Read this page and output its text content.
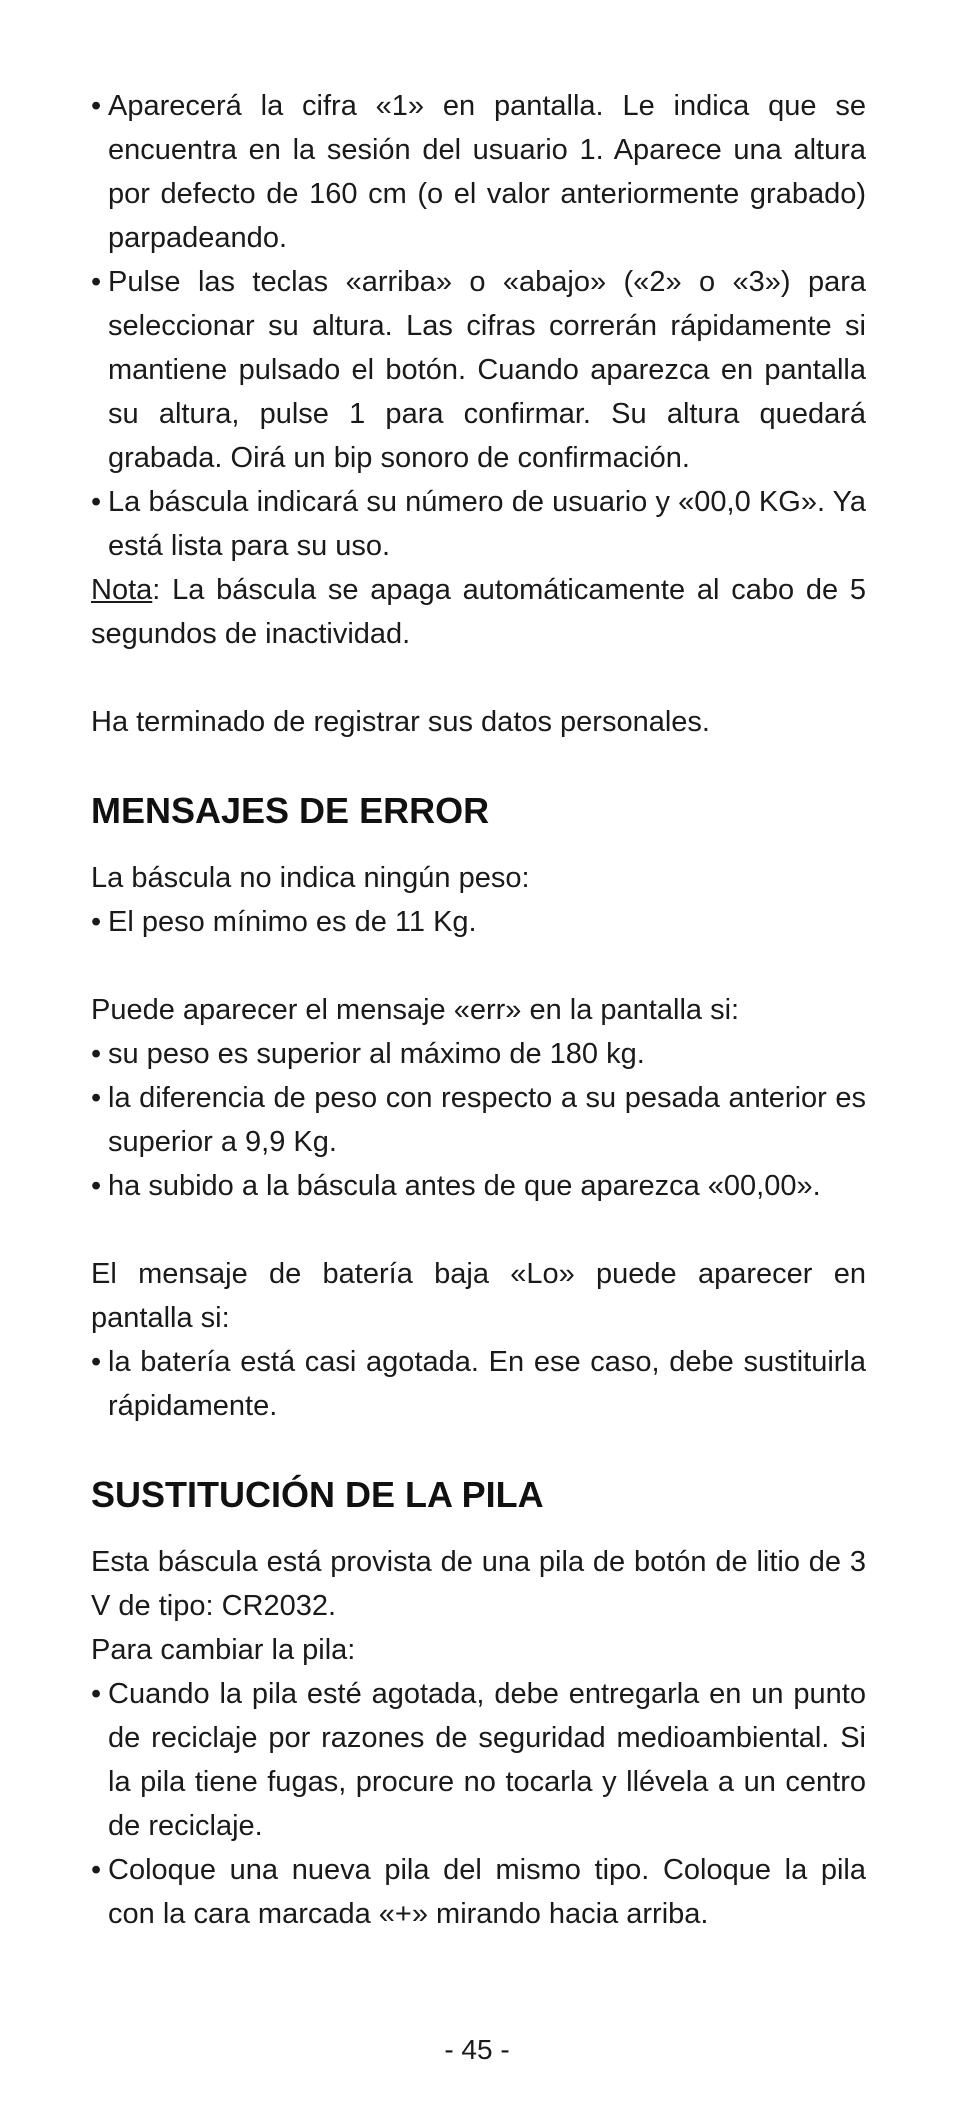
• Aparecerá la cifra «1» en pantalla. Le indica que se encuentra en la sesión del usuario 1. Aparece una altura por defecto de 160 cm (o el valor anteriormente grabado) parpadeando.
• Pulse las teclas «arriba» o «abajo» («2» o «3») para seleccionar su altura. Las cifras correrán rápidamente si mantiene pulsado el botón. Cuando aparezca en pantalla su altura, pulse 1 para confirmar. Su altura quedará grabada. Oirá un bip sonoro de confirmación.
• La báscula indicará su número de usuario y «00,0 KG». Ya está lista para su uso.

Nota: La báscula se apaga automáticamente al cabo de 5 segundos de inactividad.

Ha terminado de registrar sus datos personales.

MENSAJES DE ERROR

La báscula no indica ningún peso:

• El peso mínimo es de 11 Kg.

Puede aparecer el mensaje «err» en la pantalla si:

• su peso es superior al máximo de 180 kg.
• la diferencia de peso con respecto a su pesada anterior es superior a 9,9 Kg.
• ha subido a la báscula antes de que aparezca «00,00».

El mensaje de batería baja «Lo» puede aparecer en pantalla si:

• la batería está casi agotada. En ese caso, debe sustituirla rápidamente.
SUSTITUCIÓN DE LA PILA

Esta báscula está provista de una pila de botón de litio de 3 V de tipo: CR2032.

Para cambiar la pila:

• Cuando la pila esté agotada, debe entregarla en un punto de reciclaje por razones de seguridad medioambiental. Si la pila tiene fugas, procure no tocarla y llévela a un centro de reciclaje.
• Coloque una nueva pila del mismo tipo. Coloque la pila con la cara marcada «+» mirando hacia arriba.
- 45 -
